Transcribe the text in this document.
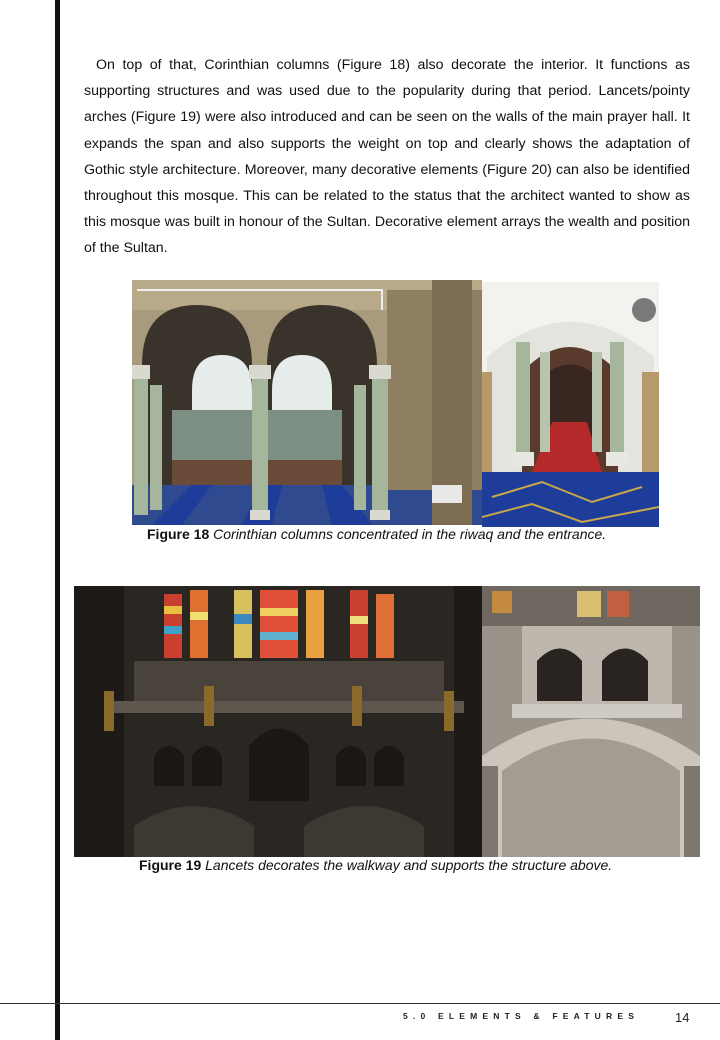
On top of that, Corinthian columns (Figure 18) also decorate the interior. It functions as supporting structures and was used due to the popularity during that period. Lancets/pointy arches (Figure 19) were also introduced and can be seen on the walls of the main prayer hall. It expands the span and also supports the weight on top and clearly shows the adaptation of Gothic style architecture. Moreover, many decorative elements (Figure 20) can also be identified throughout this mosque. This can be related to the status that the architect wanted to show as this mosque was built in honour of the Sultan. Decorative element arrays the wealth and position of the Sultan.

Figure 18 Corinthian columns concentrated in the riwaq and the entrance.

Figure 19 Lancets decorates the walkway and supports the structure above.

5.0 ELEMENTS & FEATURES	14
